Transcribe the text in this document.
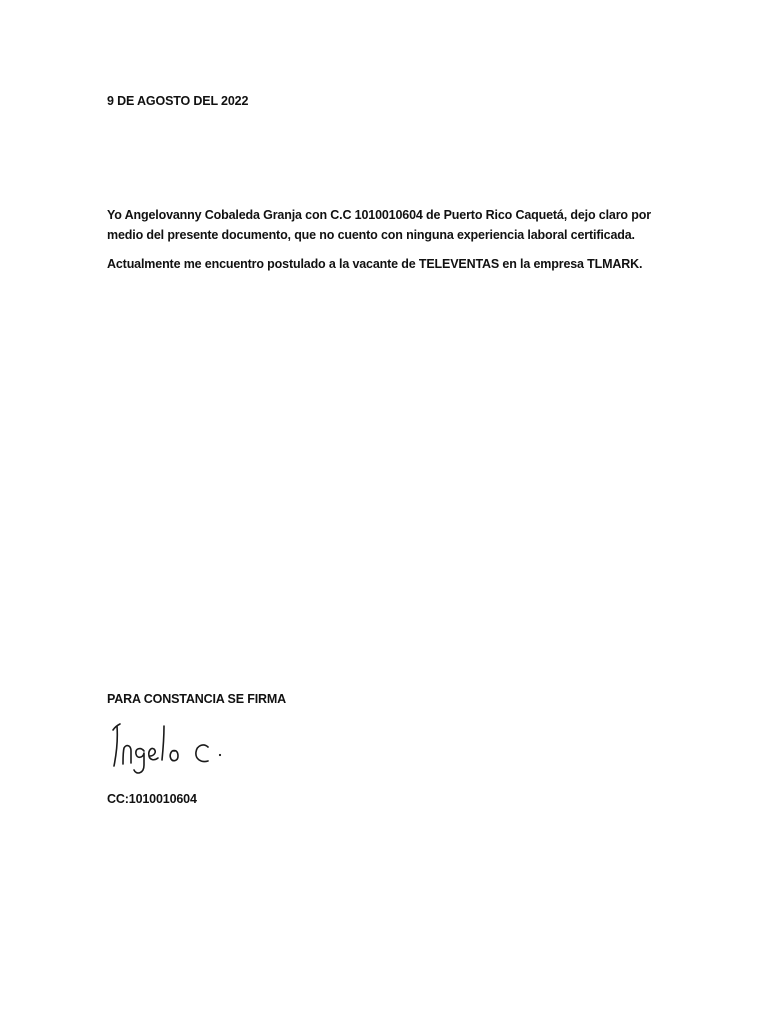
9 DE AGOSTO DEL 2022
Yo Angelovanny Cobaleda Granja con C.C 1010010604 de Puerto Rico Caquetá, dejo claro por
medio del presente documento, que no cuento con ninguna experiencia laboral certificada.
Actualmente me encuentro postulado a la vacante de TELEVENTAS en la empresa TLMARK.
PARA CONSTANCIA SE FIRMA
CC:1010010604
